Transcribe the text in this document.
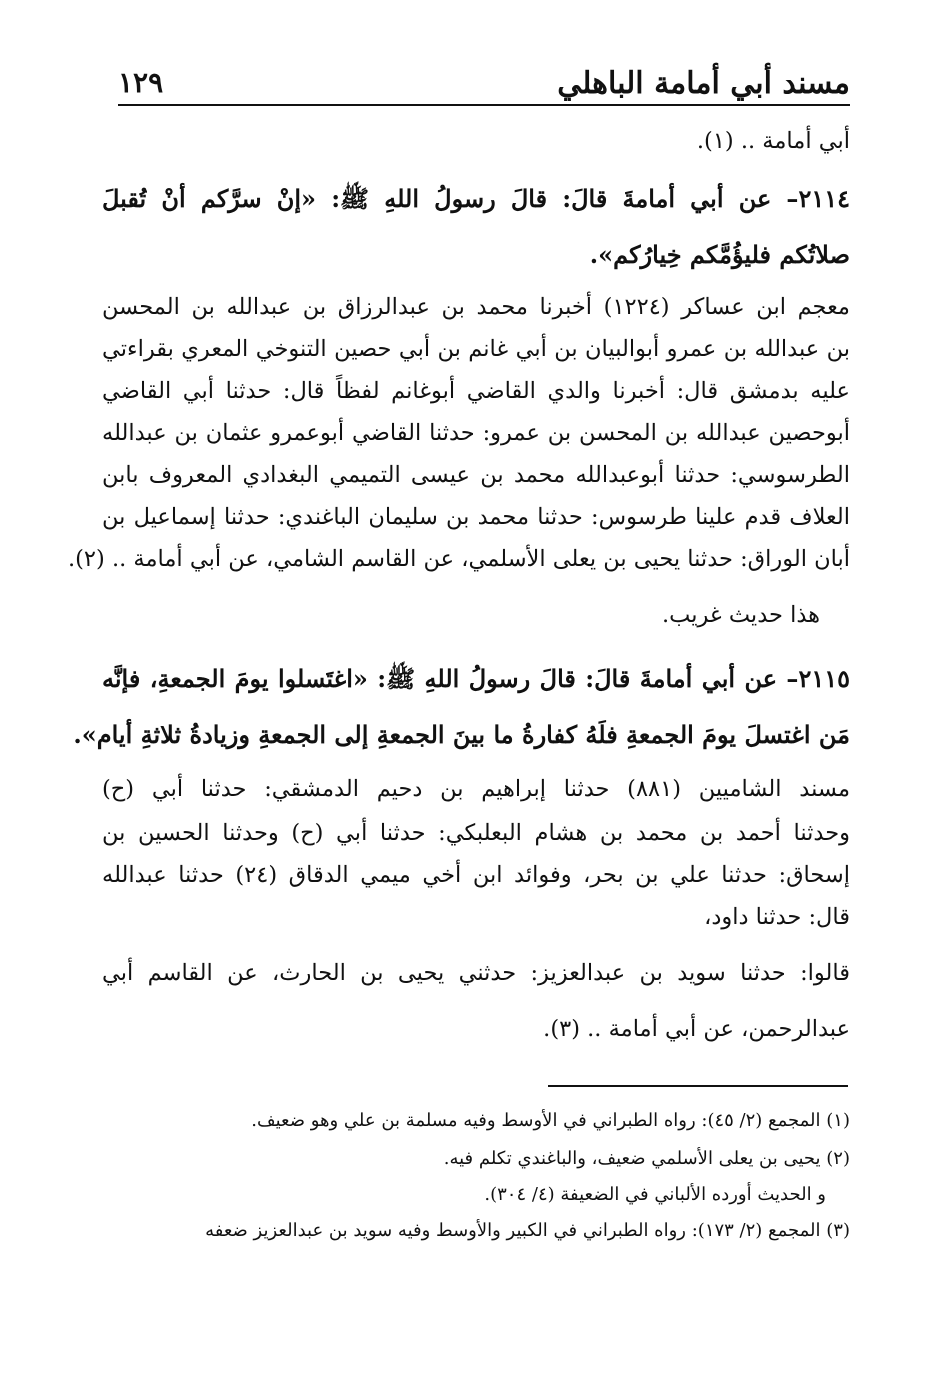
مسند أبي أمامة الباهلي
١٢٩
أبي أمامة .. (١).
٢١١٤– عن أبي أمامةَ قالَ: قالَ رسولُ اللهِ ﷺ: «إنْ سرَّكم أنْ تُقبلَ
صلاتُكم فليؤُمَّكم خِيارُكم».
معجم ابن عساكر (١٢٢٤) أخبرنا محمد بن عبدالرزاق بن عبدالله بن المحسن
بن عبدالله بن عمرو أبوالبيان بن أبي غانم بن أبي حصين التنوخي المعري بقراءتي
عليه بدمشق قال: أخبرنا والدي القاضي أبوغانم لفظاً قال: حدثنا أبي القاضي
أبوحصين عبدالله بن المحسن بن عمرو: حدثنا القاضي أبوعمرو عثمان بن عبدالله
الطرسوسي: حدثنا أبوعبدالله محمد بن عيسى التميمي البغدادي المعروف بابن
العلاف قدم علينا طرسوس: حدثنا محمد بن سليمان الباغندي: حدثنا إسماعيل بن
أبان الوراق: حدثنا يحيى بن يعلى الأسلمي، عن القاسم الشامي، عن أبي أمامة .. (٢).
هذا حديث غريب.
٢١١٥– عن أبي أمامةَ قالَ: قالَ رسولُ اللهِ ﷺ: «اغتَسلوا يومَ الجمعةِ، فإنَّه
مَن اغتسلَ يومَ الجمعةِ فلَهُ كفارةُ ما بينَ الجمعةِ إلى الجمعةِ وزيادةُ ثلاثةِ أيام».
مسند الشاميين (٨٨١) حدثنا إبراهيم بن دحيم الدمشقي: حدثنا أبي (ح)
وحدثنا أحمد بن محمد بن هشام البعلبكي: حدثنا أبي (ح) وحدثنا الحسين بن
إسحاق: حدثنا علي بن بحر، وفوائد ابن أخي ميمي الدقاق (٢٤) حدثنا عبدالله
قال: حدثنا داود،
قالوا: حدثنا سويد بن عبدالعزيز: حدثني يحيى بن الحارث، عن القاسم أبي
عبدالرحمن، عن أبي أمامة .. (٣).
(١) المجمع (٢/ ٤٥): رواه الطبراني في الأوسط وفيه مسلمة بن علي وهو ضعيف.
(٢) يحيى بن يعلى الأسلمي ضعيف، والباغندي تكلم فيه.
و الحديث أورده الألباني في الضعيفة (٤/ ٣٠٤).
(٣) المجمع (٢/ ١٧٣): رواه الطبراني في الكبير والأوسط وفيه سويد بن عبدالعزيز ضعفه
